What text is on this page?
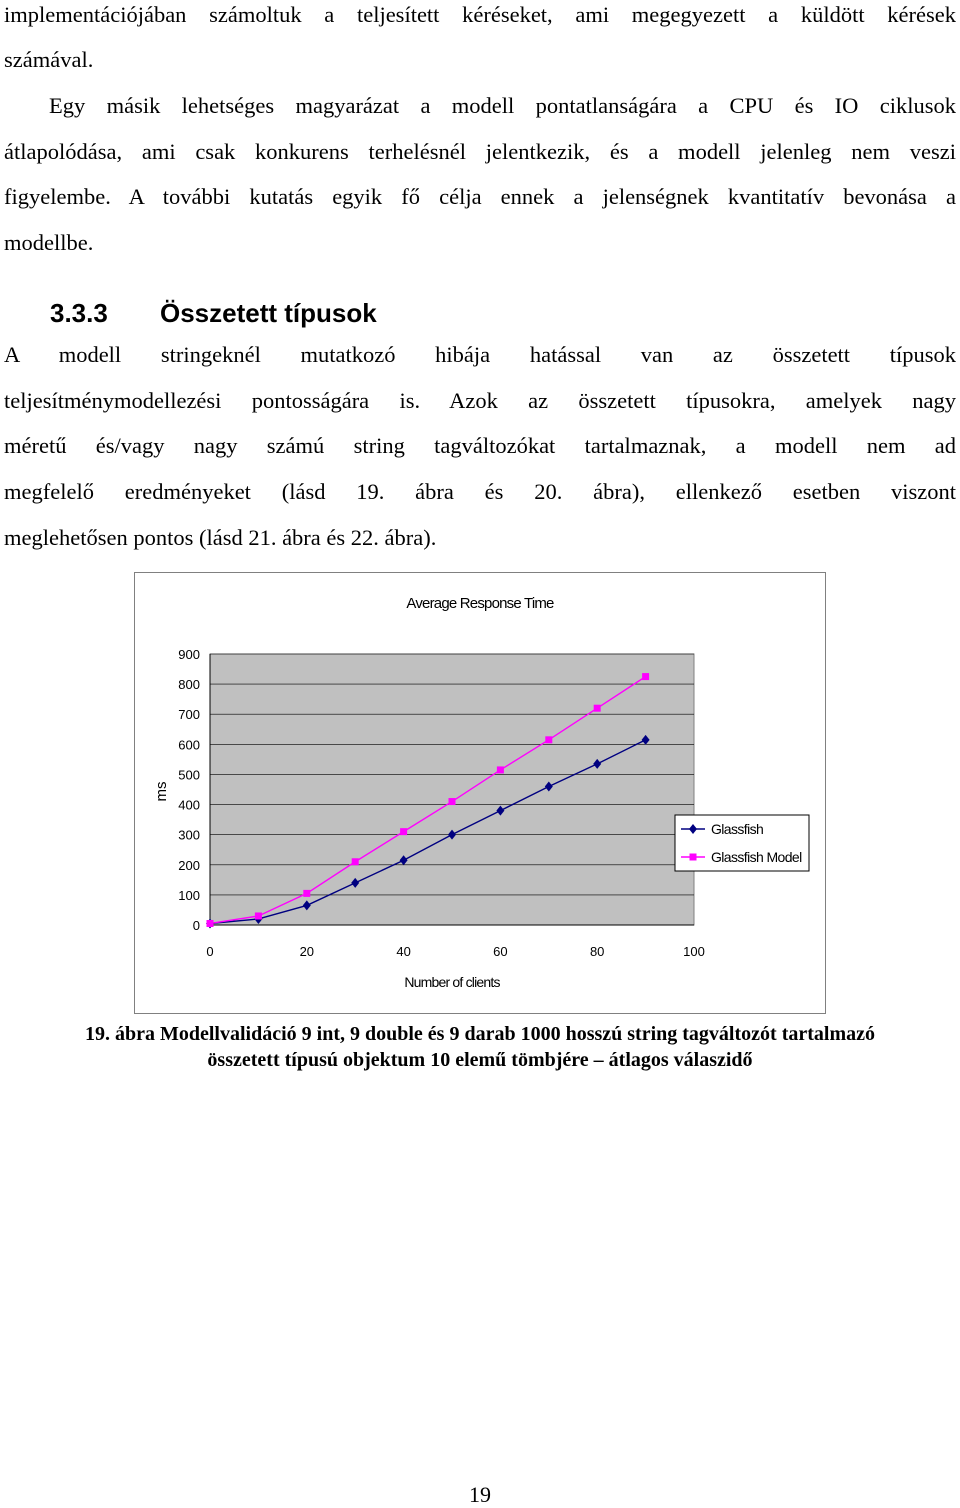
implementációjában számoltuk a teljesített kéréseket, ami megegyezett a küldött kérések
számával.
Egy másik lehetséges magyarázat a modell pontatlanságára a CPU és IO ciklusok
átlapolódása, ami csak konkurens terhelésnél jelentkezik, és a modell jelenleg nem veszi
figyelembe. A további kutatás egyik fő célja ennek a jelenségnek kvantitatív bevonása a
modellbe.
3.3.3 Összetett típusok
A modell stringeknél mutatkozó hibája hatással van az összetett típusok
teljesítménymodellezési pontosságára is. Azok az összetett típusokra, amelyek nagy
méretű és/vagy nagy számú string tagváltozókat tartalmaznak, a modell nem ad
megfelelő eredményeket (lásd 19. ábra és 20. ábra), ellenkező esetben viszont
meglehetősen pontos (lásd 21. ábra és 22. ábra).
Average Response Time
0
100
200
300
400
500
600
700
800
900
0	20	40	60	80	100
ms
Number of clients
Glassfish
Glassfish Model
19. ábra Modellvalidáció 9 int, 9 double és 9 darab 1000 hosszú string tagváltozót tartalmazó
összetett típusú objektum 10 elemű tömbjére – átlagos válaszidő
19
